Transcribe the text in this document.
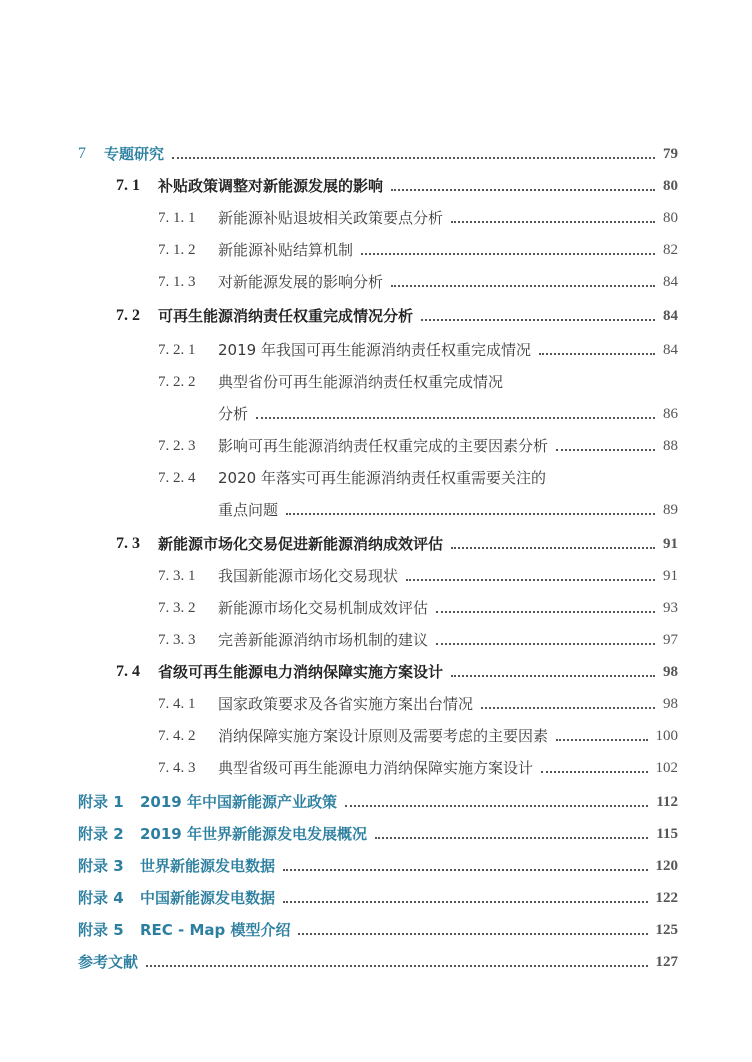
7	专题研究	79
7. 1	补贴政策调整对新能源发展的影响	80
7. 1. 1	新能源补贴退坡相关政策要点分析	80
7. 1. 2	新能源补贴结算机制	82
7. 1. 3	对新能源发展的影响分析	84
7. 2	可再生能源消纳责任权重完成情况分析	84
7. 2. 1	2019 年我国可再生能源消纳责任权重完成情况	84
7. 2. 2	典型省份可再生能源消纳责任权重完成情况
分析	86
7. 2. 3	影响可再生能源消纳责任权重完成的主要因素分析	88
7. 2. 4	2020 年落实可再生能源消纳责任权重需要关注的
重点问题	89
7. 3	新能源市场化交易促进新能源消纳成效评估	91
7. 3. 1	我国新能源市场化交易现状	91
7. 3. 2	新能源市场化交易机制成效评估	93
7. 3. 3	完善新能源消纳市场机制的建议	97
7. 4	省级可再生能源电力消纳保障实施方案设计	98
7. 4. 1	国家政策要求及各省实施方案出台情况	98
7. 4. 2	消纳保障实施方案设计原则及需要考虑的主要因素	100
7. 4. 3	典型省级可再生能源电力消纳保障实施方案设计	102
附录 1	2019 年中国新能源产业政策	112
附录 2	2019 年世界新能源发电发展概况	115
附录 3	世界新能源发电数据	120
附录 4	中国新能源发电数据	122
附录 5	REC - Map 模型介绍	125
参考文献	127
